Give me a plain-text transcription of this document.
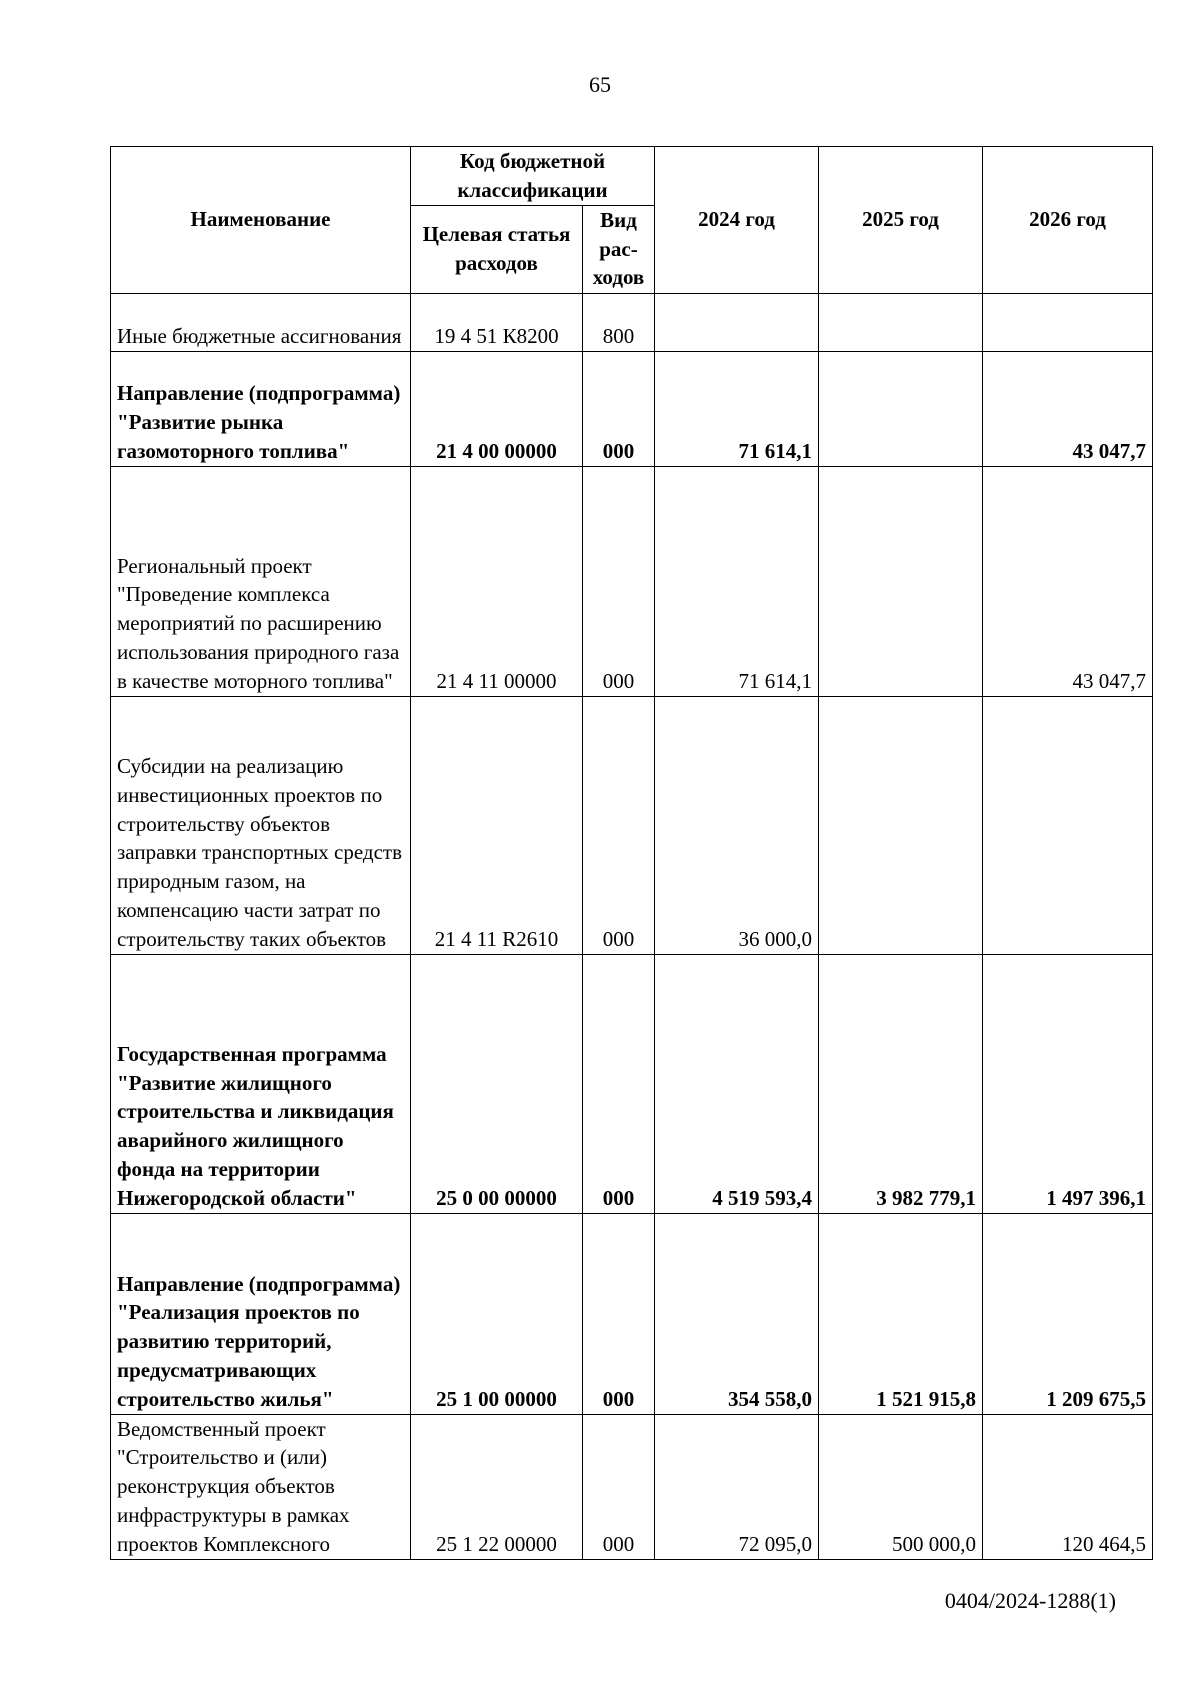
65
Наименование	Код бюджетной классификации		2024 год	2025 год	2026 год
	Целевая статья расходов	Вид рас-ходов			
Иные бюджетные ассигнования	19 4 51 К8200	800			
Направление (подпрограмма) "Развитие рынка газомоторного топлива"	21 4 00 00000	000	71 614,1		43 047,7
Региональный проект "Проведение комплекса мероприятий по расширению использования природного газа в качестве моторного топлива"	21 4 11 00000	000	71 614,1		43 047,7
Субсидии на реализацию инвестиционных проектов по строительству объектов заправки транспортных средств природным газом, на компенсацию части затрат по строительству таких объектов	21 4 11 R2610	000	36 000,0		
Государственная программа "Развитие жилищного строительства и ликвидация аварийного жилищного фонда на территории Нижегородской области"	25 0 00 00000	000	4 519 593,4	3 982 779,1	1 497 396,1
Направление (подпрограмма) "Реализация проектов по развитию территорий, предусматривающих строительство жилья"	25 1 00 00000	000	354 558,0	1 521 915,8	1 209 675,5
Ведомственный проект "Строительство и (или) реконструкция объектов инфраструктуры в рамках проектов Комплексного	25 1 22 00000	000	72 095,0	500 000,0	120 464,5
0404/2024-1288(1)
